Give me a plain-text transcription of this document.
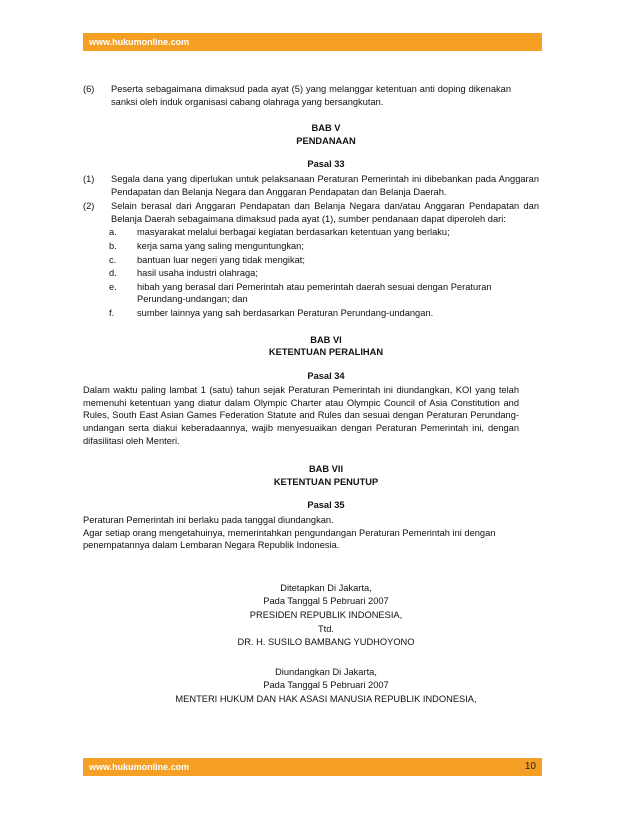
www.hukumonline.com
(6)	Peserta sebagaimana dimaksud pada ayat (5) yang melanggar ketentuan anti doping dikenakan sanksi oleh induk organisasi cabang olahraga yang bersangkutan.
BAB V
PENDANAAN
Pasal 33
(1)	Segala dana yang diperlukan untuk pelaksanaan Peraturan Pemerintah ini dibebankan pada Anggaran Pendapatan dan Belanja Negara dan Anggaran Pendapatan dan Belanja Daerah.
(2)	Selain berasal dari Anggaran Pendapatan dan Belanja Negara dan/atau Anggaran Pendapatan dan Belanja Daerah sebagaimana dimaksud pada ayat (1), sumber pendanaan dapat diperoleh dari:
a.	masyarakat melalui berbagai kegiatan berdasarkan ketentuan yang berlaku;
b.	kerja sama yang saling menguntungkan;
c.	bantuan luar negeri yang tidak mengikat;
d.	hasil usaha industri olahraga;
e.	hibah yang berasal dari Pemerintah atau pemerintah daerah sesuai dengan Peraturan Perundang-undangan; dan
f.	sumber lainnya yang sah berdasarkan Peraturan Perundang-undangan.
BAB VI
KETENTUAN PERALIHAN
Pasal 34
Dalam waktu paling lambat 1 (satu) tahun sejak Peraturan Pemerintah ini diundangkan, KOI yang telah memenuhi ketentuan yang diatur dalam Olympic Charter atau Olympic Council of Asia Constitution and Rules, South East Asian Games Federation Statute and Rules dan sesuai dengan Peraturan Perundang-undangan serta diakui keberadaannya, wajib menyesuaikan dengan Peraturan Pemerintah ini, dengan difasilitasi oleh Menteri.
BAB VII
KETENTUAN PENUTUP
Pasal 35
Peraturan Pemerintah ini berlaku pada tanggal diundangkan.
Agar setiap orang mengetahuinya, memerintahkan pengundangan Peraturan Pemerintah ini dengan penempatannya dalam Lembaran Negara Republik Indonesia.
Ditetapkan Di Jakarta,
Pada Tanggal 5 Pebruari 2007
PRESIDEN REPUBLIK INDONESIA,
Ttd.
DR. H. SUSILO BAMBANG YUDHOYONO
Diundangkan Di Jakarta,
Pada Tanggal 5 Pebruari 2007
MENTERI HUKUM DAN HAK ASASI MANUSIA REPUBLIK INDONESIA,
www.hukumonline.com	10
